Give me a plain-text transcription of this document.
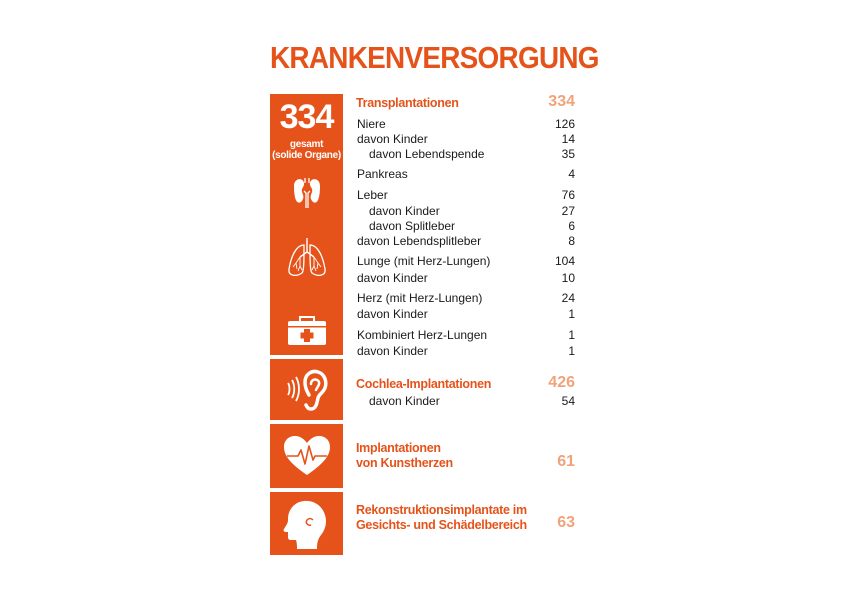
KRANKENVERSORGUNG
334
gesamt
(solide Organe)
Transplantationen	334
Niere	126
davon Kinder	14
davon Lebendspende	35
Pankreas	4
Leber	76
davon Kinder	27
davon Splitleber	6
davon Lebendsplitleber	8
Lunge (mit Herz-Lungen)	104
davon Kinder	10
Herz (mit Herz-Lungen)	24
davon Kinder	1
Kombiniert Herz-Lungen	1
davon Kinder	1
Cochlea-Implantationen	426
davon Kinder	54
Implantationen
von Kunstherzen	61
Rekonstruktionsimplantate im
Gesichts- und Schädelbereich 63
